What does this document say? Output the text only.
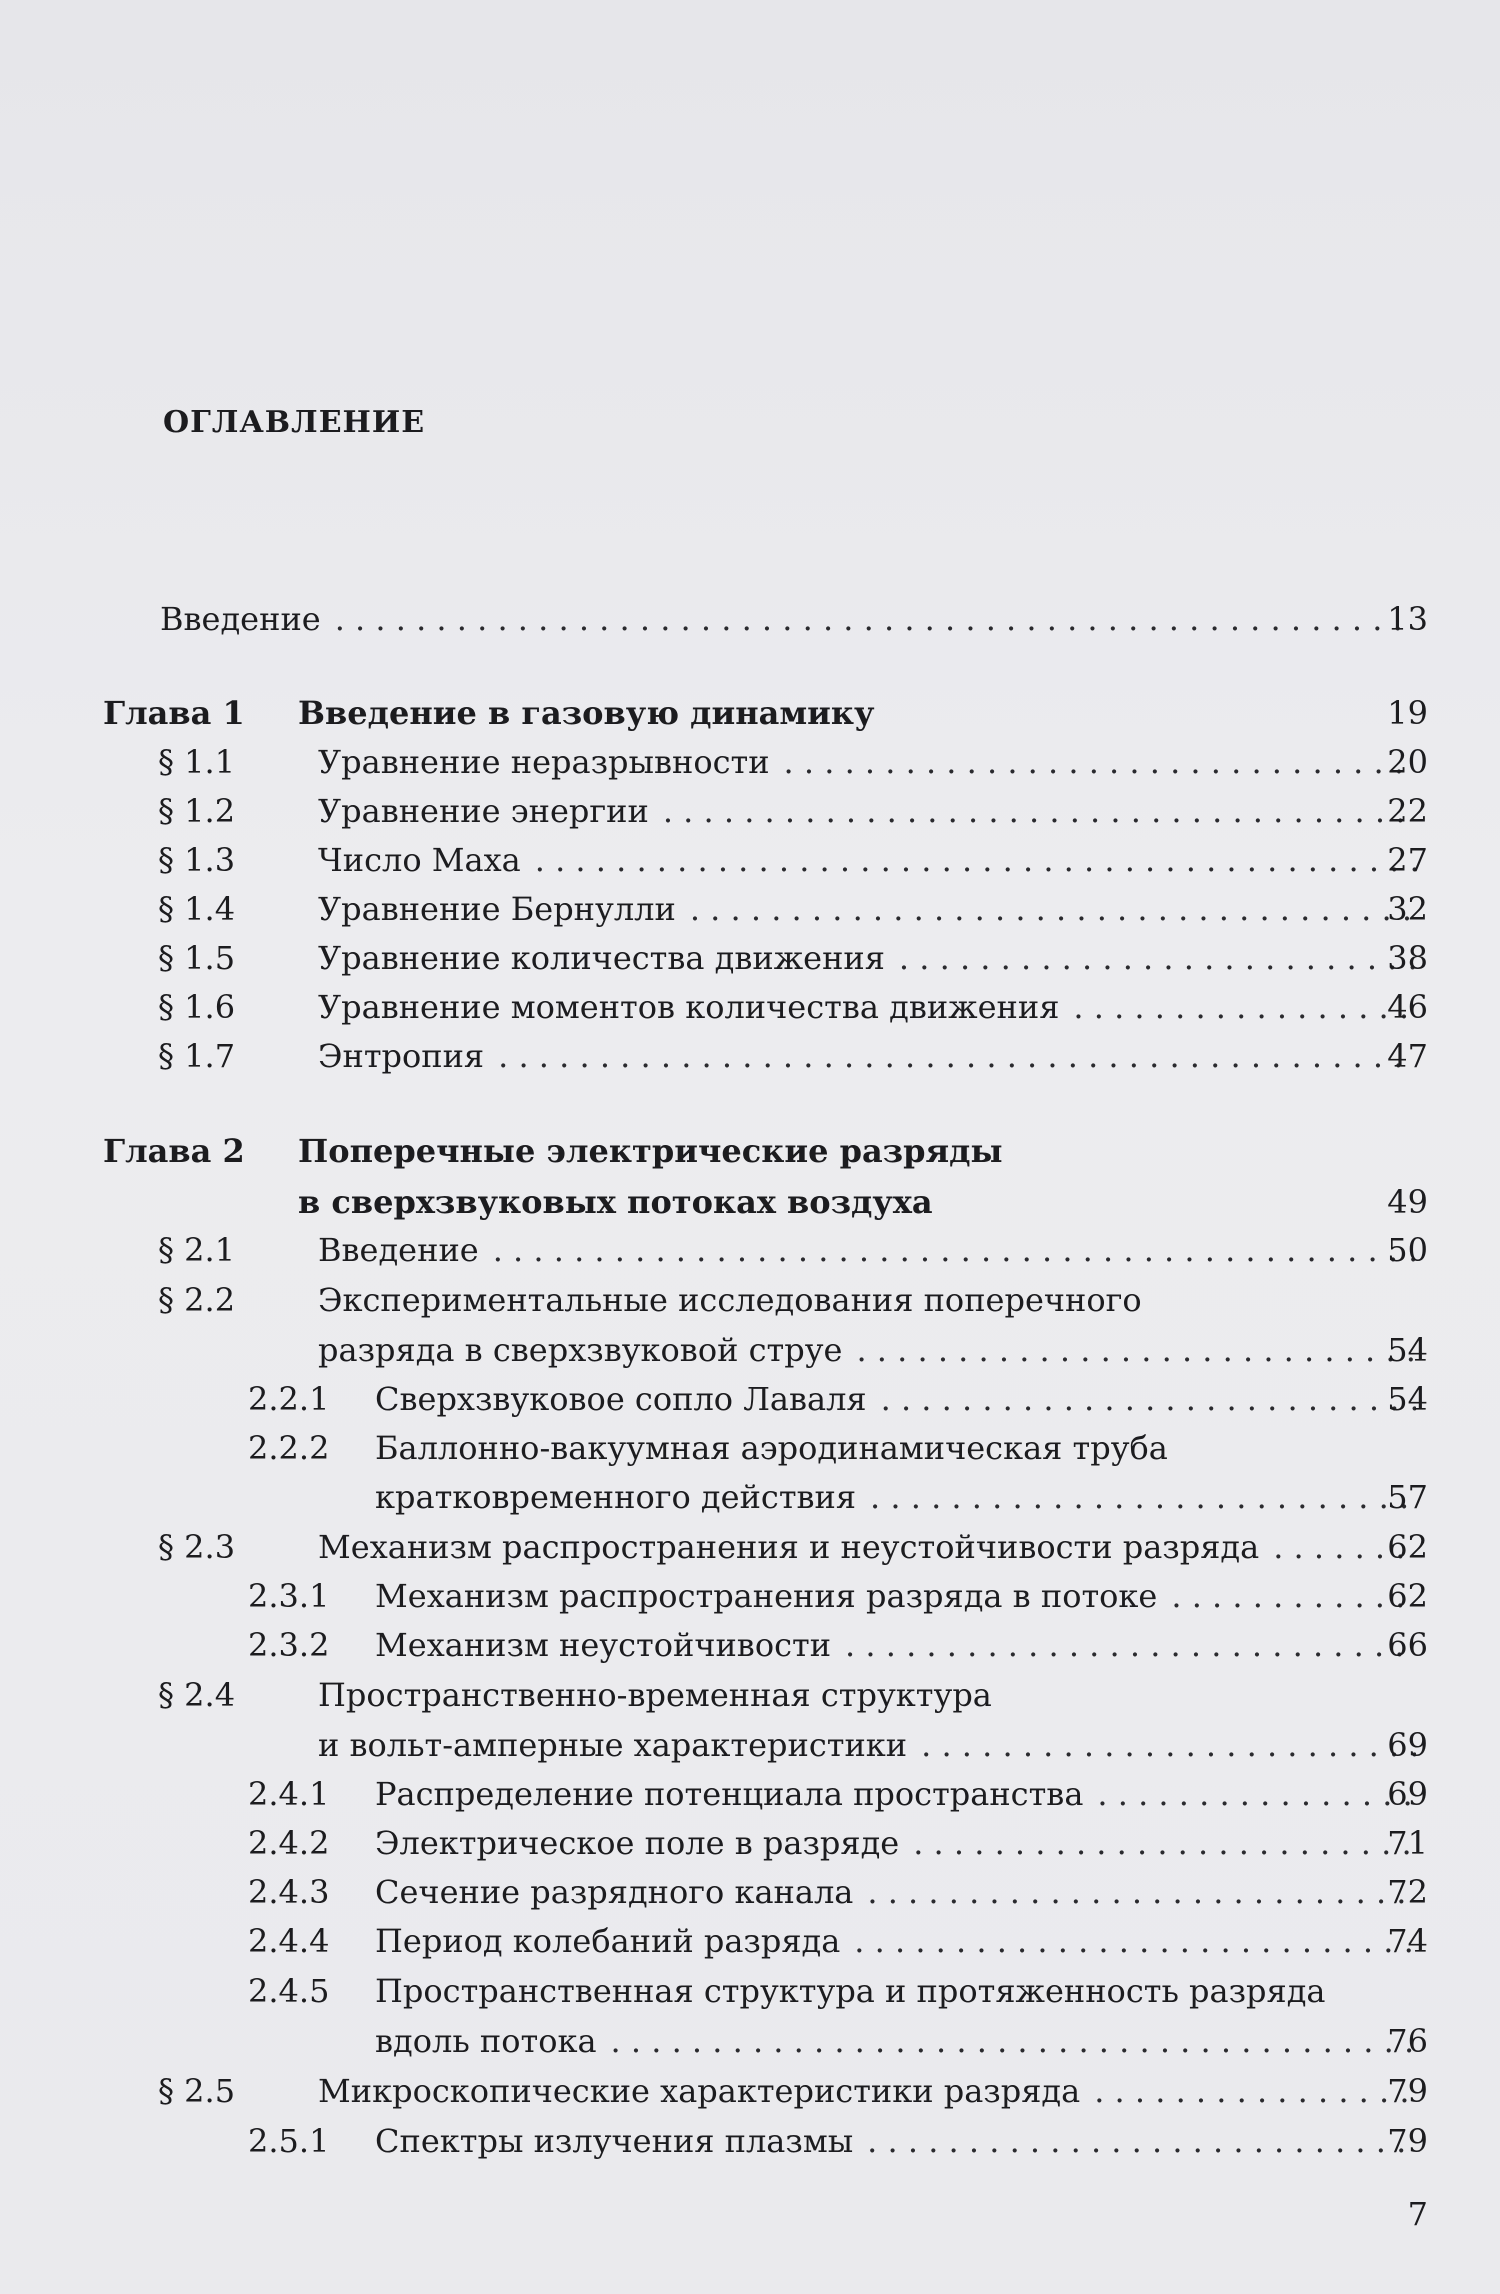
ОГЛАВЛЕНИЕ
Введение . . .	13
Глава 1 Введение в газовую динамику	19
§ 1.1	Уравнение неразрывности . . .	20
§ 1.2	Уравнение энергии . . .	22
§ 1.3	Число Маха . . .	27
§ 1.4	Уравнение Бернулли . . .	32
§ 1.5	Уравнение количества движения . . .	38
§ 1.6	Уравнение моментов количества движения . . .	46
§ 1.7	Энтропия . . .	47
Глава 2 Поперечные электрические разряды
в сверхзвуковых потоках воздуха	49
§ 2.1	Введение . . .	50
§ 2.2	Экспериментальные исследования поперечного
разряда в сверхзвуковой струе . . .	54
2.2.1 Сверхзвуковое сопло Лаваля . . .	54
2.2.2 Баллонно-вакуумная аэродинамическая труба
кратковременного действия . . .	57
§ 2.3	Механизм распространения и неустойчивости разряда . . .	62
2.3.1 Механизм распространения разряда в потоке . . .	62
2.3.2 Механизм неустойчивости . . .	66
§ 2.4	Пространственно-временная структура
и вольт-амперные характеристики . . .	69
2.4.1 Распределение потенциала пространства . . .	69
2.4.2 Электрическое поле в разряде . . .	71
2.4.3 Сечение разрядного канала . . .	72
2.4.4 Период колебаний разряда . . .	74
2.4.5 Пространственная структура и протяженность разряда
вдоль потока . . .	76
§ 2.5	Микроскопические характеристики разряда . . .	79
2.5.1 Спектры излучения плазмы . . .	79
7
